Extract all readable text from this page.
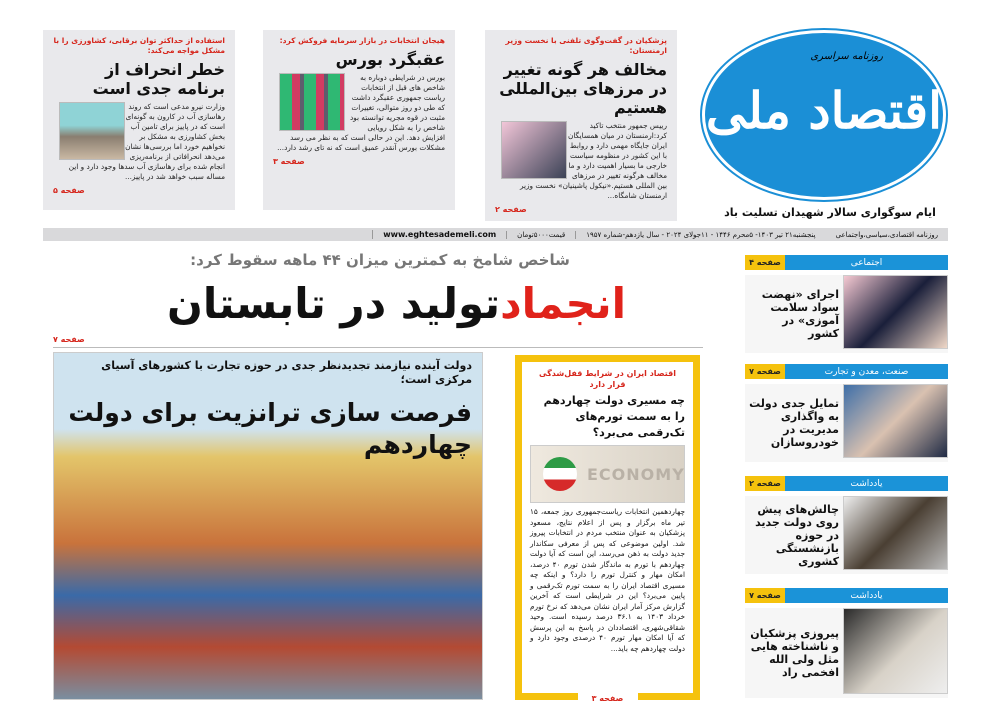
پزشکیان در گفت‌وگوی تلفنی با نخست وزیر ارمنستان:
مخالف هر گونه تغییر در مرزهای بین‌المللی هستیم
رییس جمهور منتخب تاکید کرد:ارمنستان در میان همسایگان ایران جایگاه مهمی دارد و روابط با این کشور در منظومه سیاست خارجی ما بسیار اهمیت دارد و ما مخالف هرگونه تغییر در مرزهای بین المللی هستیم.«نیکول پاشینیان» نخست وزیر ارمنستان شامگاه...
صفحه ۲
هیجان انتخابات در بازار سرمایه فروکش کرد:
عقبگرد بورس
بورس در شرایطی دوباره به شاخص های قبل از انتخابات ریاست جمهوری عقبگرد داشت که طی دو روز متوالی، تغییرات مثبت در قوه مجریه توانسته بود شاخص را به شکل رویایی افزایش دهد. این در حالی است که به نظر می رسد مشکلات بورس آنقدر عمیق است که نه تای رشد دارد...
صفحه ۳
استفاده از حداکثر توان برقابی، کشاورزی را با مشکل مواجه می‌کند:
خطر انحراف از برنامه جدی است
وزارت نیرو مدعی است که روند رهاسازی آب در کارون به گونه‌ای است که در پاییز برای تامین آب بخش کشاورزی به مشکل بر نخواهیم خورد اما بررسی‌ها نشان می‌دهد انحرافاتی از برنامه‌ریزی انجام شده برای رهاسازی آب سدها وجود دارد و این مساله سبب خواهد شد در پاییز...
صفحه ۵
روزنامه سراسری
اقتصاد ملی
ایام سوگواری سالار شهیدان تسلیت باد
روزنامه اقتصادی،سیاسی،واجتماعی
پنجشنبه۲۱ تیر ۱۴۰۳- ۵محرم ۱۴۴۶ - ۱۱جولای ۲۰۲۴ - سال یازدهم-شماره ۱۹۵۷
قیمت۵۰۰۰تومان
www.eghtesademeli.com
شاخص شامخ به کمترین میزان ۴۴ ماهه سقوط کرد:
انجمادتولید در تابستان
صفحه ۷
دولت آینده نیازمند تجدیدنظر جدی در حوزه تجارت با کشورهای آسیای مرکزی است؛
فرصت سازی ترانزیت برای دولت چهاردهم
اقتصاد ایران در شرایط قفل‌شدگی قرار دارد
چه مسیری دولت چهاردهم را به سمت تورم‌های تک‌رقمی می‌برد؟
ECONOMY
چهاردهمین انتخابات ریاست‌جمهوری روز جمعه، ۱۵ تیر ماه برگزار و پس از اعلام نتایج، مسعود پزشکیان به عنوان منتخب مردم در انتخابات پیروز شد. اولین موضوعی که پس از معرفی سکاندار جدید دولت به ذهن می‌رسد، این است که آیا دولت چهاردهم با تورم به ماندگار شدن تورم ۴۰ درصد، امکان مهار و کنترل تورم را دارد؟ و اینکه چه مسیری اقتصاد ایران را به سمت تورم تک‌رقمی و پایین می‌برد؟ این در شرایطی است که آخرین گزارش مرکز آمار ایران نشان می‌دهد که نرخ تورم خرداد ۱۴۰۳ به ۳۶.۱ درصد رسیده است. وحید شقاقی‌شهری، اقتصاددان در پاسخ به این پرسش که آیا امکان مهار تورم ۴۰ درصدی وجود دارد و دولت چهاردهم چه باید...
صفحه ۳
اجتماعی
صفحه ۴
اجرای «نهضت سواد سلامت آموزی» در کشور
صنعت، معدن و تجارت
صفحه ۷
تمایل جدی دولت به واگذاری مدیریت در خودروسازان
یادداشت
صفحه ۲
چالش‌های پیش روی دولت جدید در حوزه بازنشستگی کشوری
یادداشت
صفحه ۷
پیروزی پزشکیان و ناشناخته هایی مثل ولی الله افخمی راد
